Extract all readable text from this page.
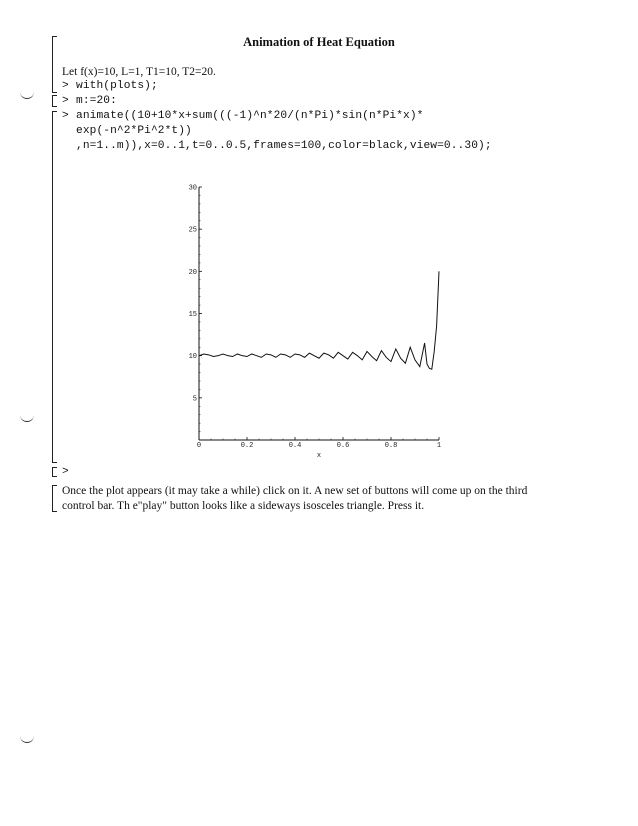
Animation of Heat Equation
Let f(x)=10, L=1, T1=10, T2=20.
> with(plots);
> m:=20:
> animate((10+10*x+sum(((-1)^n*20/(n*Pi)*sin(n*Pi*x)*
exp(-n^2*Pi^2*t))
,n=1..m)),x=0..1,t=0..0.5,frames=100,color=black,view=0..30);
0	0.2	0.4	0.6	0.8	1
5
10
15
20
25
30
x
>
Once the plot appears (it may take a while) click on it. A new set of buttons will come up on the third
control bar. Th e"play" button looks like a sideways isosceles triangle. Press it.
